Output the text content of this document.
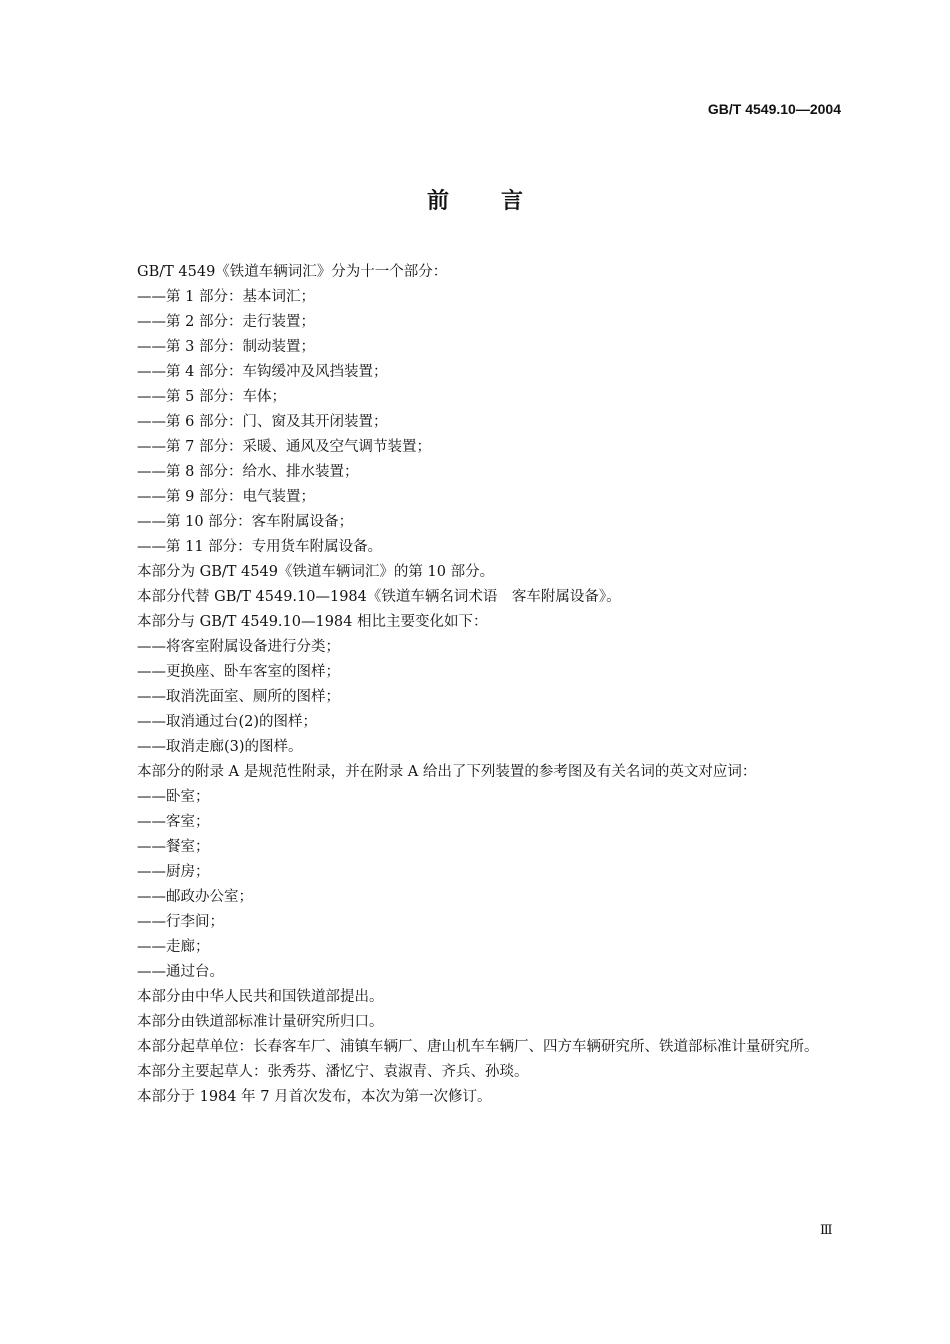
GB/T 4549.10—2004
前言
GB/T 4549《铁道车辆词汇》分为十一个部分：
——第 1 部分：基本词汇；
——第 2 部分：走行装置；
——第 3 部分：制动装置；
——第 4 部分：车钩缓冲及风挡装置；
——第 5 部分：车体；
——第 6 部分：门、窗及其开闭装置；
——第 7 部分：采暖、通风及空气调节装置；
——第 8 部分：给水、排水装置；
——第 9 部分：电气装置；
——第 10 部分：客车附属设备；
——第 11 部分：专用货车附属设备。
本部分为 GB/T 4549《铁道车辆词汇》的第 10 部分。
本部分代替 GB/T 4549.10—1984《铁道车辆名词术语　客车附属设备》。
本部分与 GB/T 4549.10—1984 相比主要变化如下：
——将客室附属设备进行分类；
——更换座、卧车客室的图样；
——取消洗面室、厕所的图样；
——取消通过台(2)的图样；
——取消走廊(3)的图样。
本部分的附录 A 是规范性附录，并在附录 A 给出了下列装置的参考图及有关名词的英文对应词：
——卧室；
——客室；
——餐室；
——厨房；
——邮政办公室；
——行李间；
——走廊；
——通过台。
本部分由中华人民共和国铁道部提出。
本部分由铁道部标准计量研究所归口。
本部分起草单位：长春客车厂、浦镇车辆厂、唐山机车车辆厂、四方车辆研究所、铁道部标准计量研究所。
本部分主要起草人：张秀芬、潘忆宁、袁淑青、齐兵、孙琰。
本部分于 1984 年 7 月首次发布，本次为第一次修订。
Ⅲ
